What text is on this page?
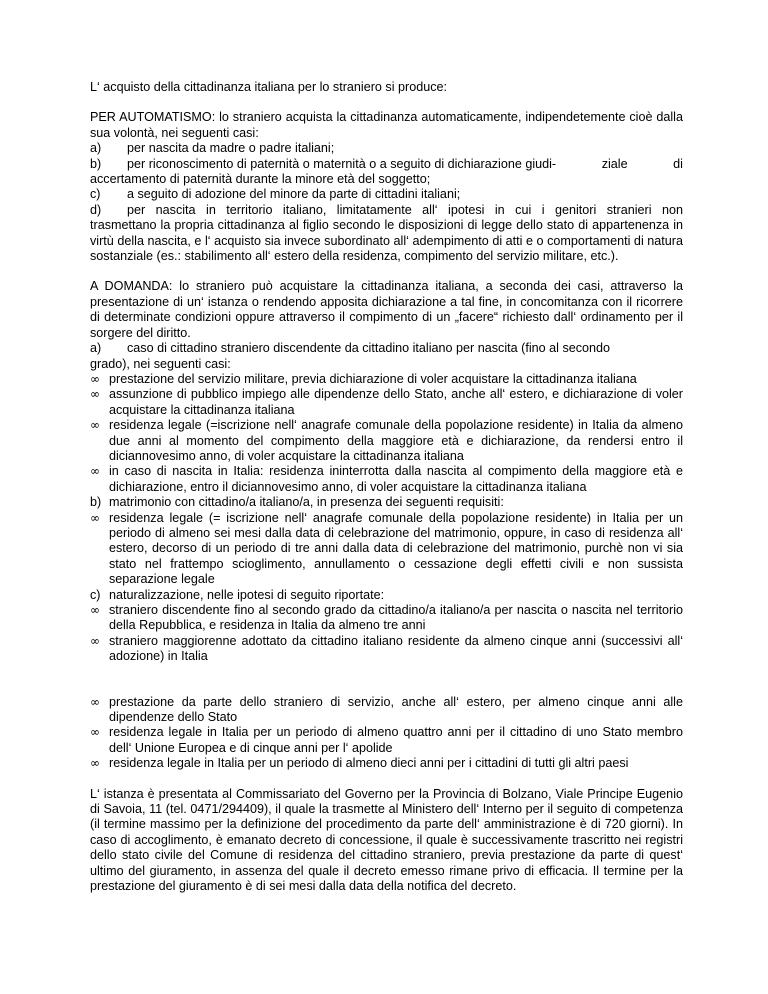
L‘ acquisto della cittadinanza italiana per lo straniero si produce:

PER AUTOMATISMO: lo straniero acquista la cittadinanza automaticamente, indipendetemente cioè dalla sua volontà, nei seguenti casi:

a)	per nascita da madre o padre italiani;
b)	per riconoscimento di paternità o maternità o a seguito di dichiarazione giudi-	ziale	di

accertamento di paternità durante la minore età del soggetto;

c)	a seguito di adozione del minore da parte di cittadini italiani;
d)	per nascita in territorio italiano, limitatamente all‘ ipotesi in cui i genitori stranieri non

trasmettano la propria cittadinanza al figlio secondo le disposizioni di legge dello stato di appartenenza in virtù della nascita, e l‘ acquisto sia invece subordinato all‘ adempimento di atti e o comportamenti di natura sostanziale (es.: stabilimento all‘ estero della residenza, compimento del servizio militare, etc.).

A DOMANDA: lo straniero può acquistare la cittadinanza italiana, a seconda dei casi, attraverso la presentazione di un‘ istanza o rendendo apposita dichiarazione a tal fine, in concomitanza con il ricorrere di determinate condizioni oppure attraverso il compimento di un „facere“ richiesto dall‘ ordinamento per il sorgere del diritto.

a)	caso di cittadino straniero discendente da cittadino italiano per nascita (fino al secondo

grado), nei seguenti casi:

∞ prestazione del servizio militare, previa dichiarazione di voler acquistare la cittadinanza italiana
∞ assunzione di pubblico impiego alle dipendenze dello Stato, anche all‘ estero, e dichiarazione di voler acquistare la cittadinanza italiana
∞ residenza legale (=iscrizione nell‘ anagrafe comunale della popolazione residente) in Italia da almeno due anni al momento del compimento della maggiore età e dichiarazione, da rendersi entro il diciannovesimo anno, di voler acquistare la cittadinanza italiana
∞ in caso di nascita in Italia: residenza ininterrotta dalla nascita al compimento della maggiore età e dichiarazione, entro il diciannovesimo anno, di voler acquistare la cittadinanza italiana
b) matrimonio con cittadino/a italiano/a, in presenza dei seguenti requisiti:
∞ residenza legale (= iscrizione nell‘ anagrafe comunale della popolazione residente) in Italia per un periodo di almeno sei mesi dalla data di celebrazione del matrimonio, oppure, in caso di residenza all‘ estero, decorso di un periodo di tre anni dalla data di celebrazione del matrimonio, purchè non vi sia stato nel frattempo scioglimento, annullamento o cessazione degli effetti civili e non sussista separazione legale
c) naturalizzazione, nelle ipotesi di seguito riportate:
∞ straniero discendente fino al secondo grado da cittadino/a italiano/a per nascita o nascita nel territorio della Repubblica, e residenza in Italia da almeno tre anni
∞ straniero maggiorenne adottato da cittadino italiano residente da almeno cinque anni (successivi all‘ adozione) in Italia
∞ prestazione da parte dello straniero di servizio, anche all‘ estero, per almeno cinque anni alle dipendenze dello Stato
∞ residenza legale in Italia per un periodo di almeno quattro anni per il cittadino di uno Stato membro dell‘ Unione Europea e di cinque anni per l‘ apolide
∞ residenza legale in Italia per un periodo di almeno dieci anni per i cittadini di tutti gli altri paesi

L‘ istanza è presentata al Commissariato del Governo per la Provincia di Bolzano, Viale Principe Eugenio di Savoia, 11 (tel. 0471/294409), il quale la trasmette al Ministero dell‘ Interno per il seguito di competenza (il termine massimo per la definizione del procedimento da parte dell‘ amministrazione è di 720 giorni). In caso di accoglimento, è emanato decreto di concessione, il quale è successivamente trascritto nei registri dello stato civile del Comune di residenza del cittadino straniero, previa prestazione da parte di quest‘ ultimo del giuramento, in assenza del quale il decreto emesso rimane privo di efficacia. Il termine per la prestazione del giuramento è di sei mesi dalla data della notifica del decreto.
